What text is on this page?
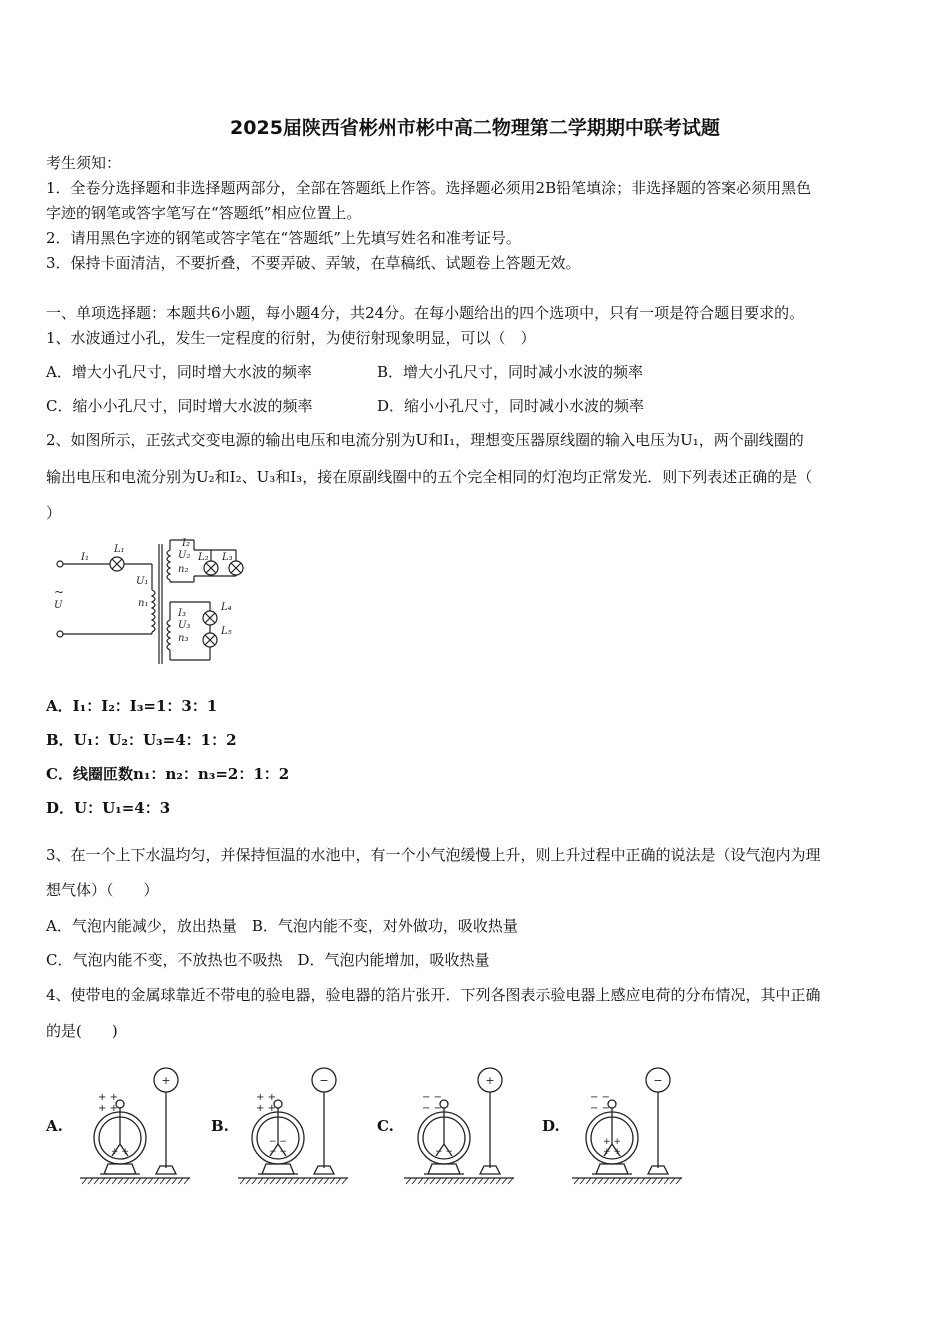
2025届陕西省彬州市彬中高二物理第二学期期中联考试题
考生须知：
1．全卷分选择题和非选择题两部分，全部在答题纸上作答。选择题必须用2B铅笔填涂；非选择题的答案必须用黑色
字迹的钢笔或答字笔写在“答题纸”相应位置上。
2．请用黑色字迹的钢笔或答字笔在“答题纸”上先填写姓名和准考证号。
3．保持卡面清洁，不要折叠，不要弄破、弄皱，在草稿纸、试题卷上答题无效。
一、单项选择题：本题共6小题，每小题4分，共24分。在每小题给出的四个选项中，只有一项是符合题目要求的。
1、水波通过小孔，发生一定程度的衍射，为使衍射现象明显，可以（　）
A．增大小孔尺寸，同时增大水波的频率	B．增大小孔尺寸，同时减小水波的频率
C．缩小小孔尺寸，同时增大水波的频率	D．缩小小孔尺寸，同时减小水波的频率
2、如图所示，正弦式交变电源的输出电压和电流分别为U和I₁，理想变压器原线圈的输入电压为U₁，两个副线圈的
输出电压和电流分别为U₂和I₂、U₃和I₃，接在原副线圈中的五个完全相同的灯泡均正常发光．则下列表述正确的是（
）
I₁
L₁
~
U
U₁
n₁
I₂
U₂
n₂
L₂ L₃
I₃
U₃
n₃
L₄
L₅
A．I₁：I₂：I₃=1：3：1
B．U₁：U₂：U₃=4：1：2
C．线圈匝数n₁：n₂：n₃=2：1：2
D．U：U₁=4：3
3、在一个上下水温均匀，并保持恒温的水池中，有一个小气泡缓慢上升，则上升过程中正确的说法是（设气泡内为理
想气体）（　　）
A．气泡内能减少，放出热量　B．气泡内能不变，对外做功，吸收热量
C．气泡内能不变，不放热也不吸热　D．气泡内能增加，吸收热量
4、使带电的金属球靠近不带电的验电器，验电器的箔片张开．下列各图表示验电器上感应电荷的分布情况，其中正确
的是(　　)
A.	B.	C.	D.
+
+ +
+ +
+ +
−
+ +
+ +
− −
− −
+
− −
− −
− −
−
− −
− −
+ +
+ +
